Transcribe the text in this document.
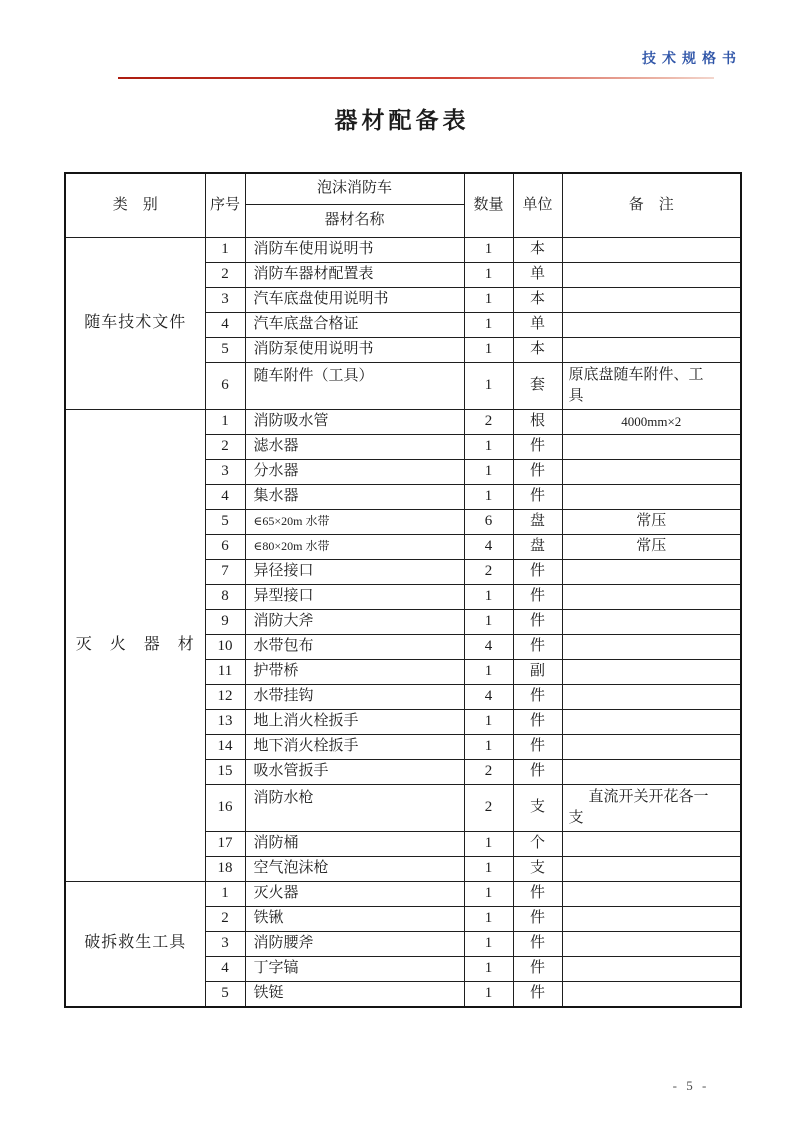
技术规格书
器材配备表
类　别	序号	泡沫消防车	数量	单位	备　注
		器材名称			
随车技术文件	1	消防车使用说明书	1	本	
	2	消防车器材配置表	1	单	
	3	汽车底盘使用说明书	1	本	
	4	汽车底盘合格证	1	单	
	5	消防泵使用说明书	1	本	
	6	随车附件（工具）	1	套	原底盘随车附件、工具
灭　火　器　材	1	消防吸水管	2	根	4000mm×2
	2	滤水器	1	件	
	3	分水器	1	件	
	4	集水器	1	件	
	5	∈65×20m 水带	6	盘	常压
	6	∈80×20m 水带	4	盘	常压
	7	异径接口	2	件	
	8	异型接口	1	件	
	9	消防大斧	1	件	
	10	水带包布	4	件	
	11	护带桥	1	副	
	12	水带挂钩	4	件	
	13	地上消火栓扳手	1	件	
	14	地下消火栓扳手	1	件	
	15	吸水管扳手	2	件	
	16	消防水枪	2	支	直流开关开花各一支
	17	消防桶	1	个	
	18	空气泡沫枪	1	支	
破拆救生工具	1	灭火器	1	件	
	2	铁锹	1	件	
	3	消防腰斧	1	件	
	4	丁字镐	1	件	
	5	铁铤	1	件	
- 5 -
